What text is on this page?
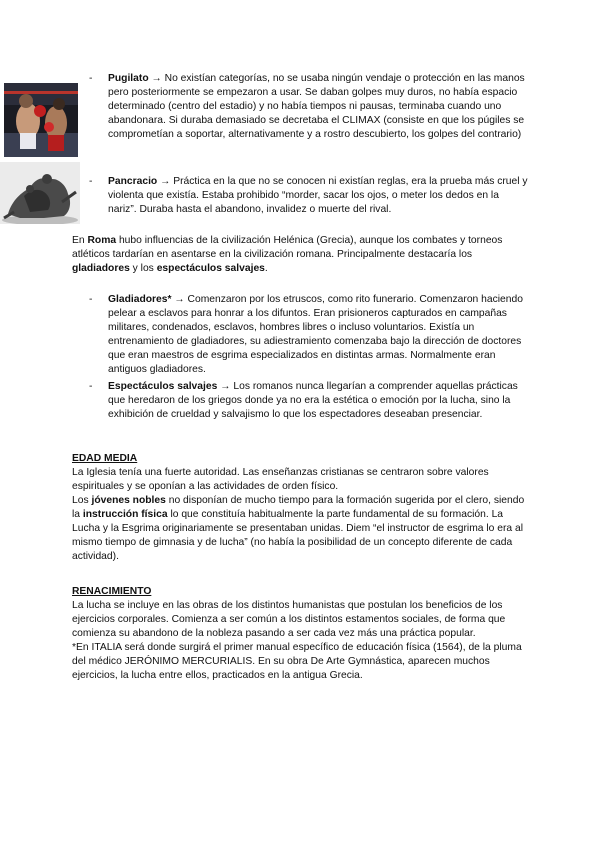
- Pugilato → No existían categorías, no se usaba ningún vendaje o protección en las manos pero posteriormente se empezaron a usar. Se daban golpes muy duros, no había espacio determinado (centro del estadio) y no había tiempos ni pausas, terminaba cuando uno abandonara. Si duraba demasiado se decretaba el CLIMAX (consiste en que los púgiles se comprometían a soportar, alternativamente y a rostro descubierto, los golpes del contrario)
- Pancracio → Práctica en la que no se conocen ni existían reglas, era la prueba más cruel y violenta que existía. Estaba prohibido “morder, sacar los ojos, o meter los dedos en la nariz”. Duraba hasta el abandono, invalidez o muerte del rival.
En Roma hubo influencias de la civilización Helénica (Grecia), aunque los combates y torneos atléticos tardarían en asentarse en la civilización romana. Principalmente destacaría los gladiadores y los espectáculos salvajes.
- Gladiadores* → Comenzaron por los etruscos, como rito funerario. Comenzaron haciendo pelear a esclavos para honrar a los difuntos. Eran prisioneros capturados en campañas militares, condenados, esclavos, hombres libres o incluso voluntarios. Existía un entrenamiento de gladiadores, su adiestramiento comenzaba bajo la dirección de doctores que eran maestros de esgrima especializados en distintas armas. Normalmente eran antiguos gladiadores.
- Espectáculos salvajes → Los romanos nunca llegarían a comprender aquellas prácticas que heredaron de los griegos donde ya no era la estética o emoción por la lucha, sino la exhibición de crueldad y salvajismo lo que los espectadores deseaban presenciar.
EDAD MEDIA
La Iglesia tenía una fuerte autoridad. Las enseñanzas cristianas se centraron sobre valores espirituales y se oponían a las actividades de orden físico.
Los jóvenes nobles no disponían de mucho tiempo para la formación sugerida por el clero, siendo la instrucción física lo que constituía habitualmente la parte fundamental de su formación. La Lucha y la Esgrima originariamente se presentaban unidas. Diem “el instructor de esgrima lo era al mismo tiempo de gimnasia y de lucha” (no había la posibilidad de un concepto diferente de cada actividad).
RENACIMIENTO
La lucha se incluye en las obras de los distintos humanistas que postulan los beneficios de los ejercicios corporales. Comienza a ser común a los distintos estamentos sociales, de forma que comienza su abandono de la nobleza pasando a ser cada vez más una práctica popular.
*En ITALIA será donde surgirá el primer manual específico de educación física (1564), de la pluma del médico JERÓNIMO MERCURIALIS. En su obra De Arte Gymnástica, aparecen muchos ejercicios, la lucha entre ellos, practicados en la antigua Grecia.
